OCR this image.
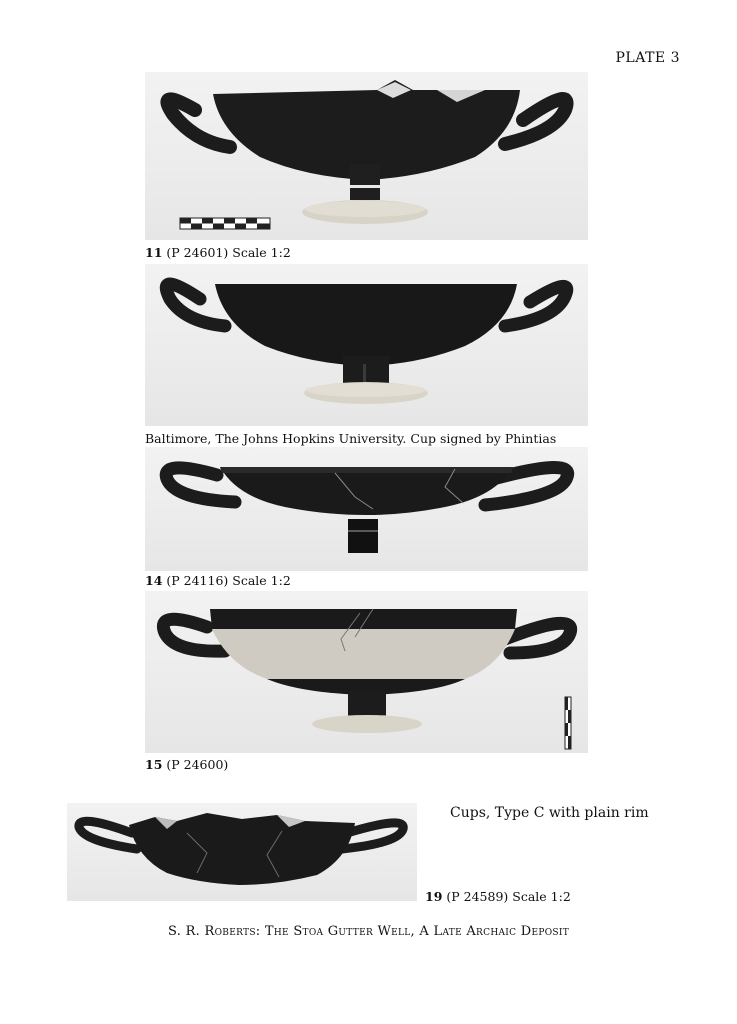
PLATE 3
11 (P 24601) Scale 1:2
Baltimore, The Johns Hopkins University. Cup signed by Phintias
14 (P 24116) Scale 1:2
15 (P 24600)
19 (P 24589) Scale 1:2
Cups, Type C with plain rim
S. R. Roberts: The Stoa Gutter Well, A Late Archaic Deposit
